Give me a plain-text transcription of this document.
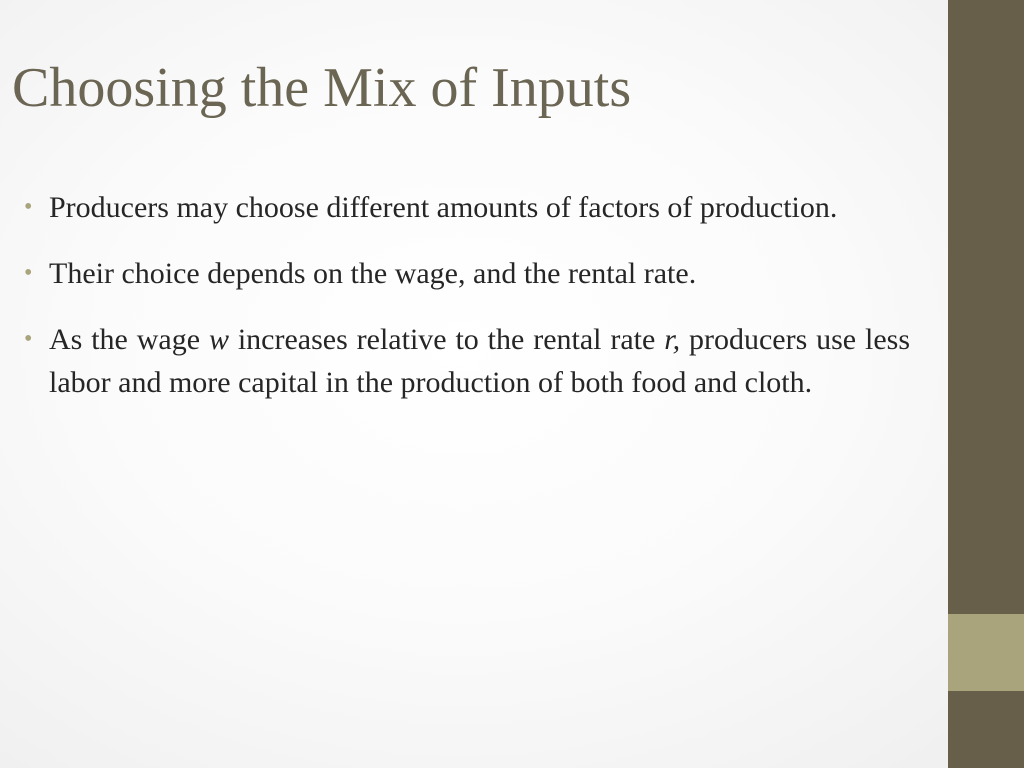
Choosing the Mix of Inputs
• Producers may choose different amounts of factors of production.
• Their choice depends on the wage, and the rental rate.
• As the wage w increases relative to the rental rate r, producers use less labor and more capital in the production of both food and cloth.
